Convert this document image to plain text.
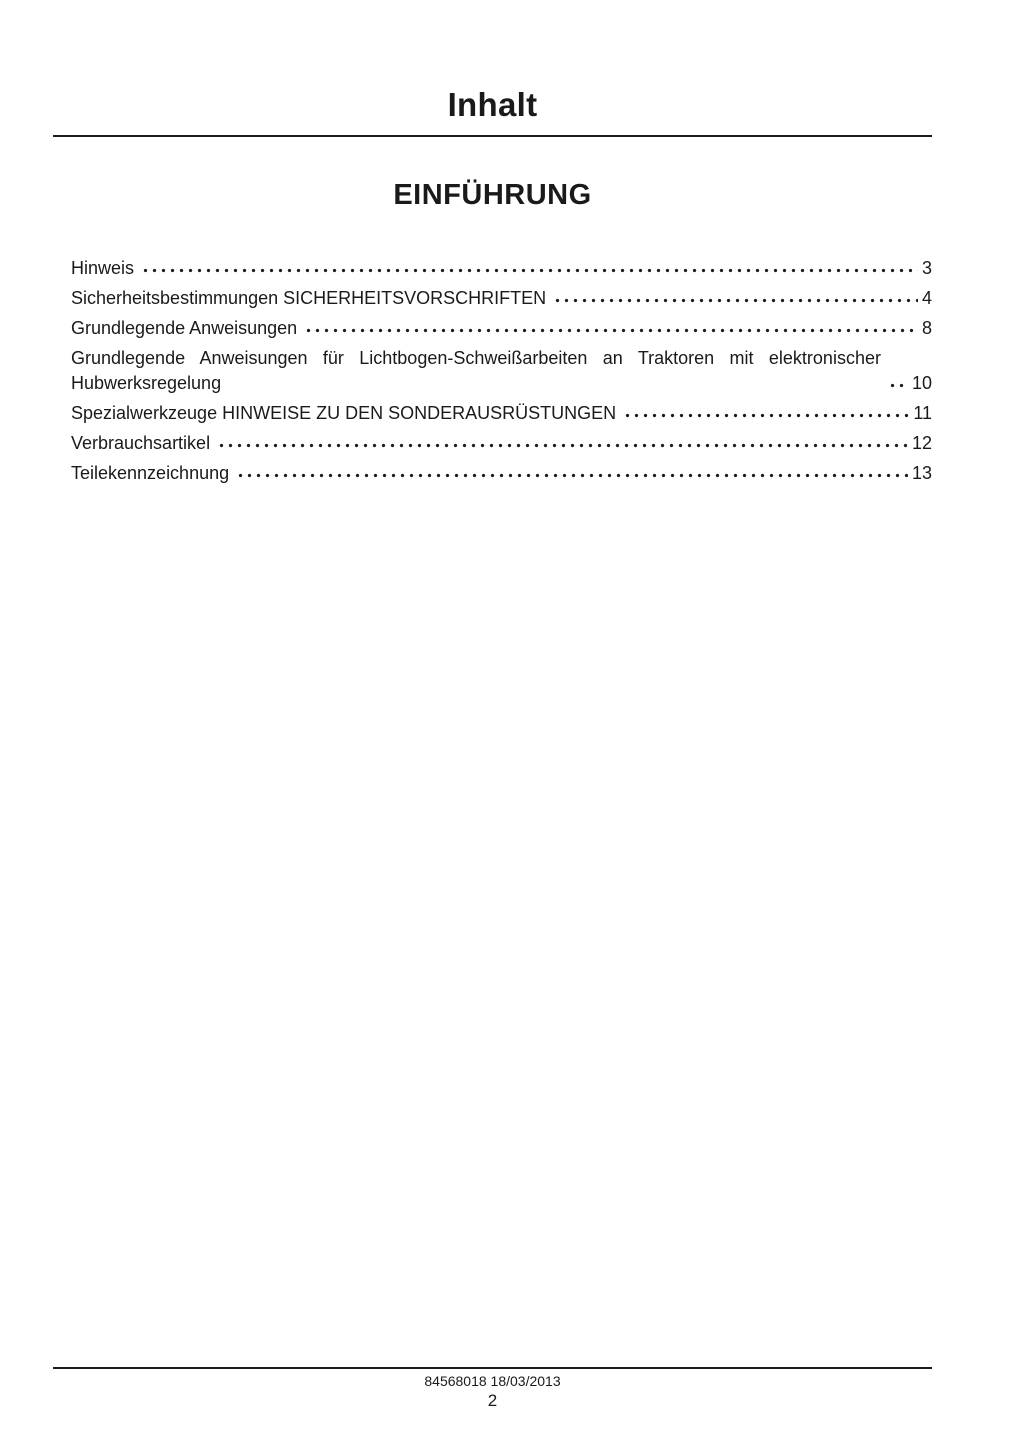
Inhalt
EINFÜHRUNG
Hinweis	3
Sicherheitsbestimmungen SICHERHEITSVORSCHRIFTEN	4
Grundlegende Anweisungen	8
Grundlegende Anweisungen für Lichtbogen-Schweißarbeiten an Traktoren mit elektronischer Hubwerksregelung	10
Spezialwerkzeuge HINWEISE ZU DEN SONDERAUSRÜSTUNGEN	11
Verbrauchsartikel	12
Teilekennzeichnung	13
84568018 18/03/2013
2
